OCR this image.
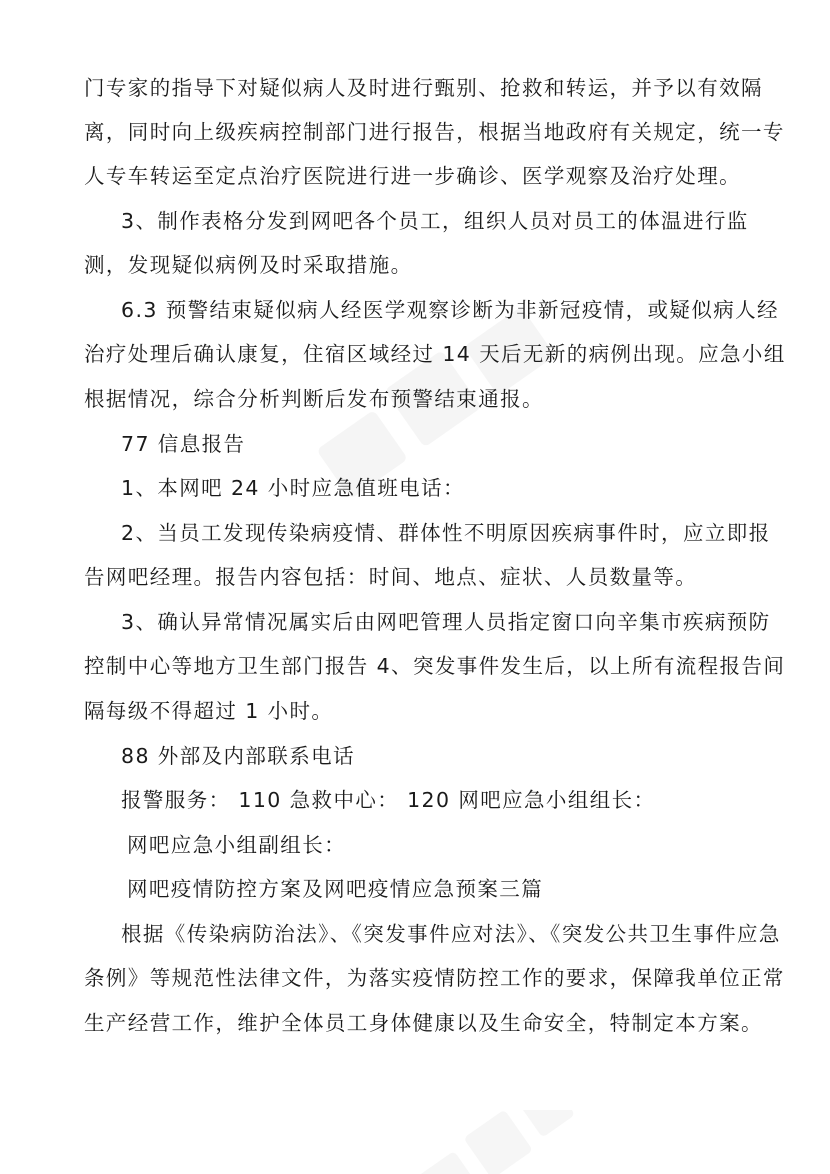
门专家的指导下对疑似病人及时进行甄别、抢救和转运，并予以有效隔
离，同时向上级疾病控制部门进行报告，根据当地政府有关规定，统一专
人专车转运至定点治疗医院进行进一步确诊、医学观察及治疗处理。
3、制作表格分发到网吧各个员工，组织人员对员工的体温进行监
测，发现疑似病例及时采取措施。
6.3 预警结束疑似病人经医学观察诊断为非新冠疫情，或疑似病人经
治疗处理后确认康复，住宿区域经过 14 天后无新的病例出现。应急小组
根据情况，综合分析判断后发布预警结束通报。
77 信息报告
1、本网吧 24 小时应急值班电话：
2、当员工发现传染病疫情、群体性不明原因疾病事件时，应立即报
告网吧经理。报告内容包括：时间、地点、症状、人员数量等。
3、确认异常情况属实后由网吧管理人员指定窗口向辛集市疾病预防
控制中心等地方卫生部门报告 4、突发事件发生后，以上所有流程报告间
隔每级不得超过 1 小时。
88 外部及内部联系电话
报警服务： 110 急救中心： 120 网吧应急小组组长：
网吧应急小组副组长：
网吧疫情防控方案及网吧疫情应急预案三篇
根据《传染病防治法》、《突发事件应对法》、《突发公共卫生事件应急
条例》等规范性法律文件，为落实疫情防控工作的要求，保障我单位正常
生产经营工作，维护全体员工身体健康以及生命安全，特制定本方案。
